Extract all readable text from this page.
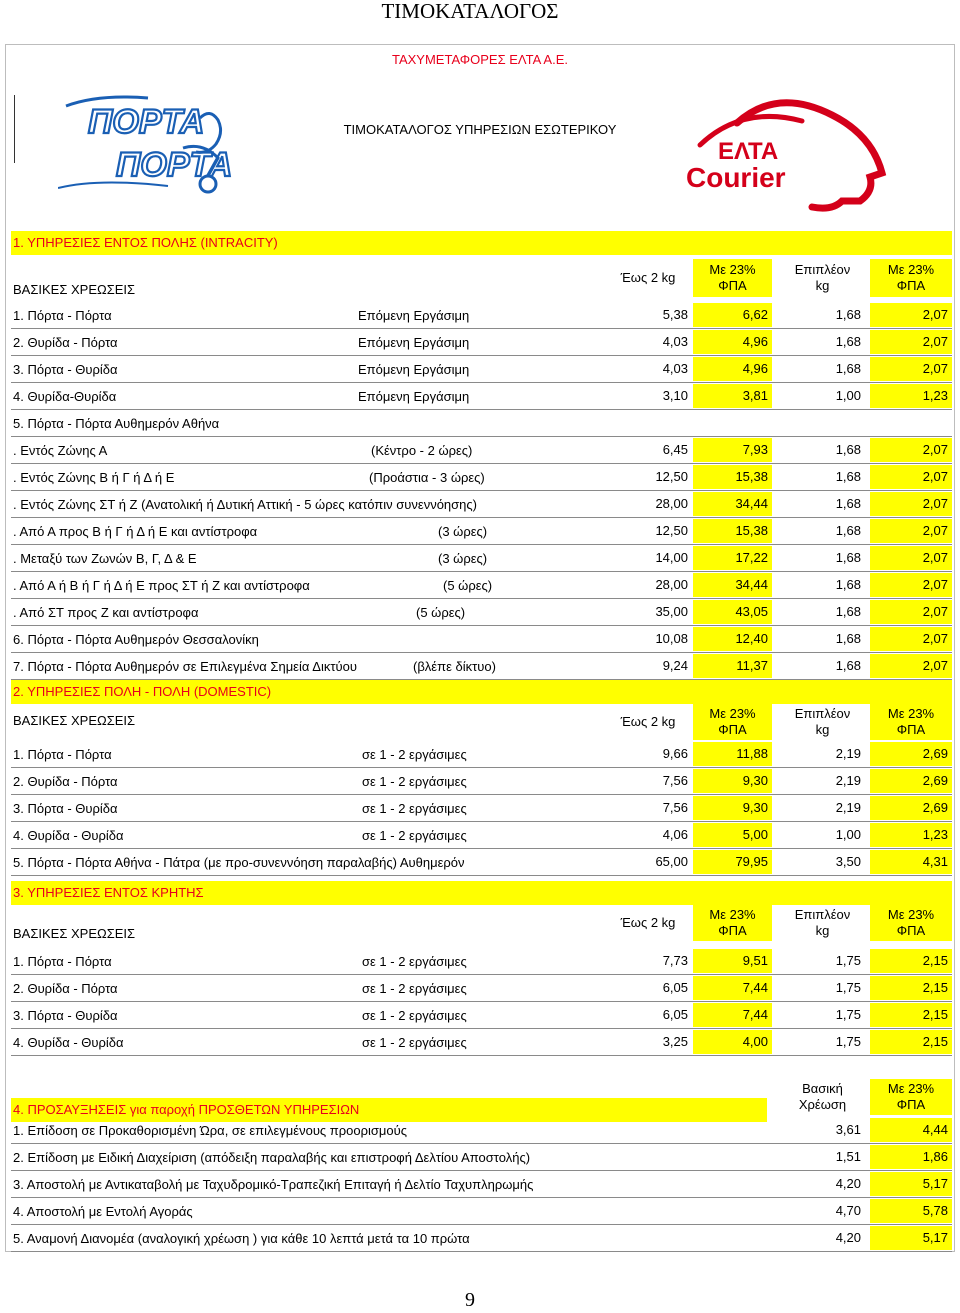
ΤΙΜΟΚΑΤΑΛΟΓΟΣ
ΤΑΧΥΜΕΤΑΦΟΡΕΣ ΕΛΤΑ Α.Ε.
ΠΟΡΤΑ
ΠΟΡΤΑ
ΤΙΜΟΚΑΤΑΛΟΓΟΣ ΥΠΗΡΕΣΙΩΝ ΕΣΩΤΕΡΙΚΟΥ
ΕΛΤΑ
Courier
1. ΥΠΗΡΕΣΙΕΣ ΕΝΤΟΣ ΠΟΛΗΣ (INTRACITY)
ΒΑΣΙΚΕΣ ΧΡΕΩΣΕΙΣ
Έως 2 kg
Με 23%
ΦΠΑ
Επιπλέον
kg
Με 23%
ΦΠΑ
1. Πόρτα - Πόρτα	Επόμενη Εργάσιμη	5,38	6,62	1,68	2,07
2. Θυρίδα - Πόρτα	Επόμενη Εργάσιμη	4,03	4,96	1,68	2,07
3. Πόρτα - Θυρίδα	Επόμενη Εργάσιμη	4,03	4,96	1,68	2,07
4. Θυρίδα-Θυρίδα	Επόμενη Εργάσιμη	3,10	3,81	1,00	1,23
5. Πόρτα - Πόρτα Αυθημερόν Αθήνα
. Εντός Ζώνης Α	(Κέντρο - 2 ώρες)	6,45	7,93	1,68	2,07
. Εντός Ζώνης Β ή Γ ή Δ ή Ε	(Προάστια - 3 ώρες)	12,50	15,38	1,68	2,07
. Εντός Ζώνης ΣΤ ή Ζ (Ανατολική ή Δυτική Αττική - 5 ώρες κατόπιν συνεννόησης)	28,00	34,44	1,68	2,07
. Από Α προς Β ή Γ ή Δ ή Ε και αντίστροφα	(3 ώρες)	12,50	15,38	1,68	2,07
. Μεταξύ των Ζωνών Β, Γ, Δ & Ε	(3 ώρες)	14,00	17,22	1,68	2,07
. Από Α ή Β ή Γ ή Δ ή Ε προς ΣΤ ή Ζ και αντίστροφα	(5 ώρες)	28,00	34,44	1,68	2,07
. Από ΣΤ προς Ζ και αντίστροφα	(5 ώρες)	35,00	43,05	1,68	2,07
6. Πόρτα - Πόρτα Αυθημερόν Θεσσαλονίκη	10,08	12,40	1,68	2,07
7. Πόρτα - Πόρτα Αυθημερόν σε Επιλεγμένα Σημεία Δικτύου	(βλέπε δίκτυο)	9,24	11,37	1,68	2,07
2. ΥΠΗΡΕΣΙΕΣ ΠΟΛΗ - ΠΟΛΗ (DOMESTIC)
ΒΑΣΙΚΕΣ ΧΡΕΩΣΕΙΣ	Έως 2 kg
Με 23%
ΦΠΑ
Επιπλέον
kg
Με 23%
ΦΠΑ
1. Πόρτα - Πόρτα	σε 1 - 2 εργάσιμες	9,66	11,88	2,19	2,69
2. Θυρίδα - Πόρτα	σε 1 - 2 εργάσιμες	7,56	9,30	2,19	2,69
3. Πόρτα - Θυρίδα	σε 1 - 2 εργάσιμες	7,56	9,30	2,19	2,69
4. Θυρίδα - Θυρίδα	σε 1 - 2 εργάσιμες	4,06	5,00	1,00	1,23
5. Πόρτα - Πόρτα Αθήνα - Πάτρα (με προ-συνεννόηση παραλαβής) Αυθημερόν	65,00	79,95	3,50	4,31
3. ΥΠΗΡΕΣΙΕΣ ΕΝΤΟΣ ΚΡΗΤΗΣ
ΒΑΣΙΚΕΣ ΧΡΕΩΣΕΙΣ
Έως 2 kg
Με 23%
ΦΠΑ
Επιπλέον
kg
Με 23%
ΦΠΑ
1. Πόρτα - Πόρτα	σε 1 - 2 εργάσιμες	7,73	9,51	1,75	2,15
2. Θυρίδα - Πόρτα	σε 1 - 2 εργάσιμες	6,05	7,44	1,75	2,15
3. Πόρτα - Θυρίδα	σε 1 - 2 εργάσιμες	6,05	7,44	1,75	2,15
4. Θυρίδα - Θυρίδα	σε 1 - 2 εργάσιμες	3,25	4,00	1,75	2,15
Βασική
Χρέωση
Με 23%
ΦΠΑ
4. ΠΡΟΣΑΥΞΗΣΕΙΣ για παροχή ΠΡΟΣΘΕΤΩΝ ΥΠΗΡΕΣΙΩΝ
1. Επίδοση σε Προκαθορισμένη Ώρα, σε επιλεγμένους προορισμούς	3,61	4,44
2. Επίδοση με Ειδική Διαχείριση (απόδειξη παραλαβής και επιστροφή Δελτίου Αποστολής)	1,51	1,86
3. Αποστολή με Αντικαταβολή με Ταχυδρομικό-Τραπεζική Επιταγή ή Δελτίο Ταχυπληρωμής	4,20	5,17
4. Αποστολή με Εντολή Αγοράς	4,70	5,78
5. Αναμονή Διανομέα (αναλογική χρέωση ) για κάθε 10 λεπτά μετά τα 10 πρώτα	4,20	5,17
9
